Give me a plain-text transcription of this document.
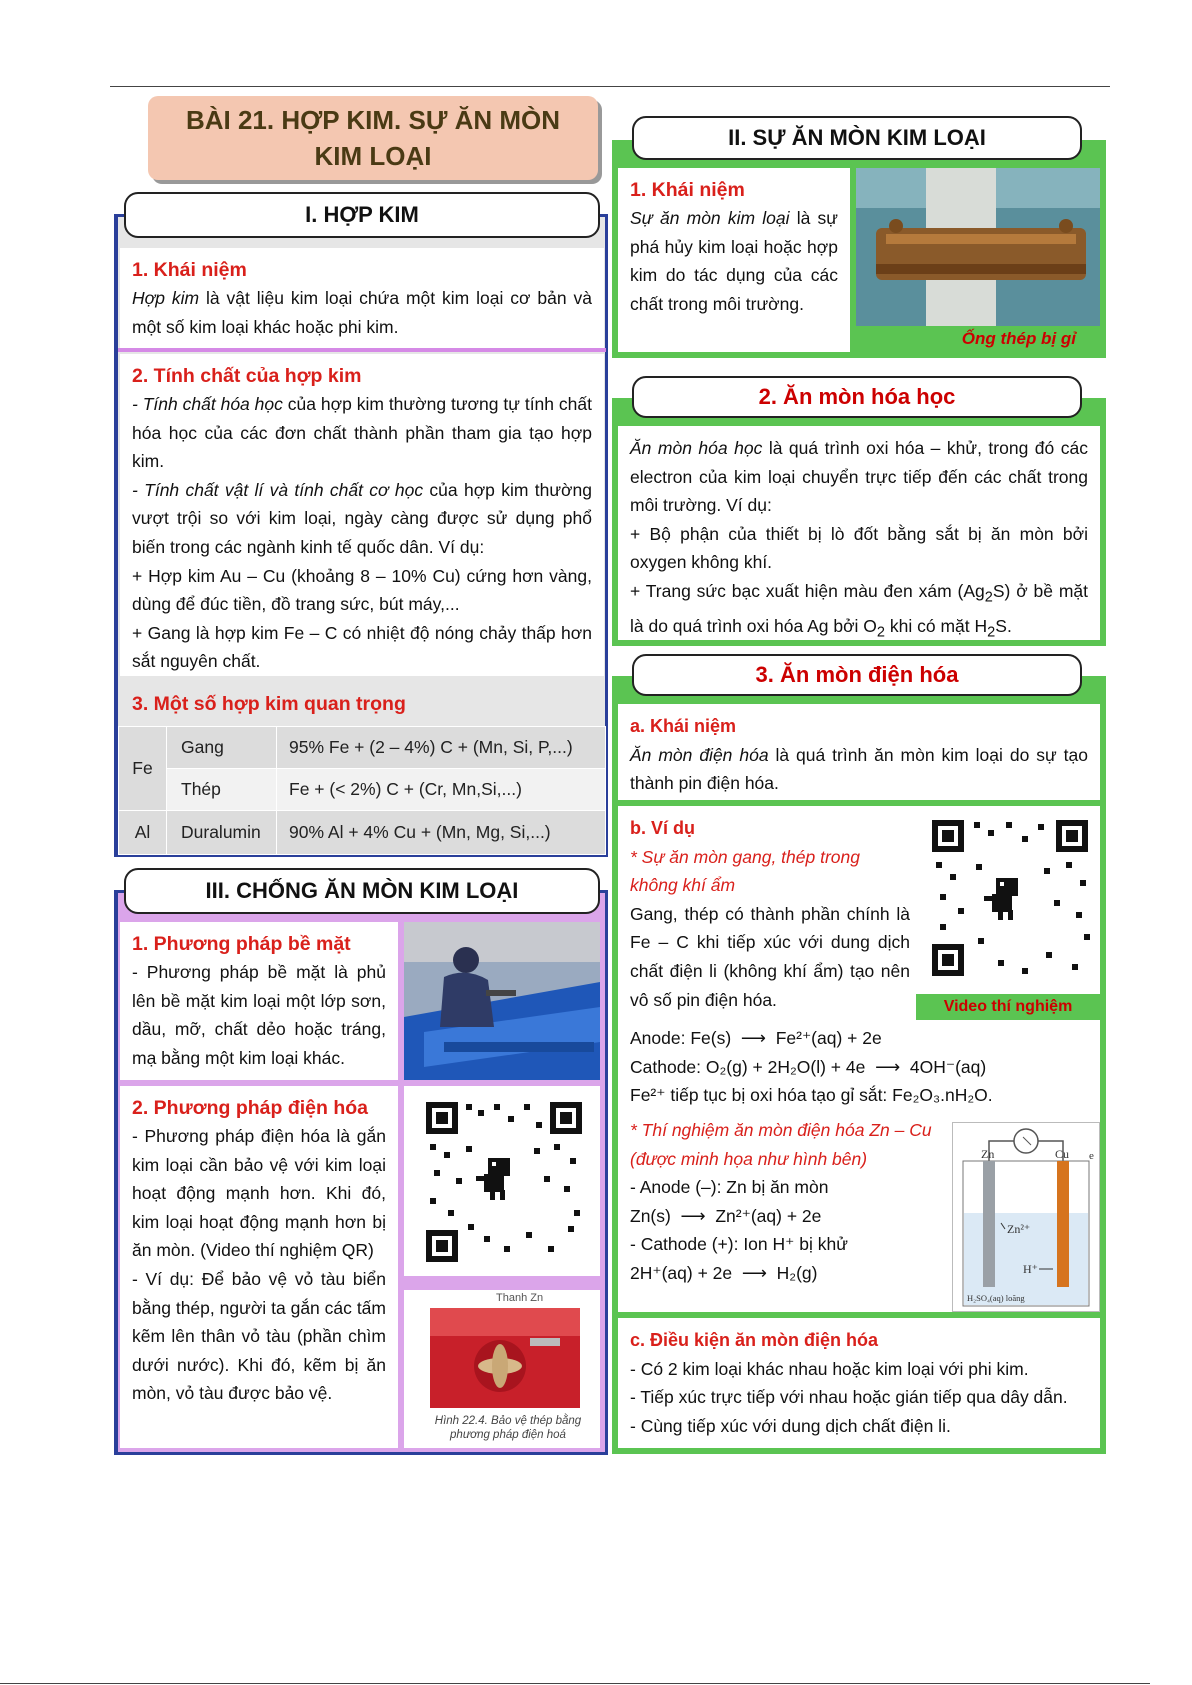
BÀI 21. HỢP KIM. SỰ ĂN MÒN
KIM LOẠI
I. HỢP KIM
1. Khái niệm
Hợp kim là vật liệu kim loại chứa một kim loại cơ bản và một số kim loại khác hoặc phi kim.
2. Tính chất của hợp kim
- Tính chất hóa học của hợp kim thường tương tự tính chất hóa học của các đơn chất thành phần tham gia tạo hợp kim.
- Tính chất vật lí và tính chất cơ học của hợp kim thường vượt trội so với kim loại, ngày càng được sử dụng phổ biến trong các ngành kinh tế quốc dân. Ví dụ:
+ Hợp kim Au – Cu (khoảng 8 – 10% Cu) cứng hơn vàng, dùng để đúc tiền, đồ trang sức, bút máy,...
+ Gang là hợp kim Fe – C có nhiệt độ nóng chảy thấp hơn sắt nguyên chất.
3. Một số hợp kim quan trọng
Fe	Gang	95% Fe + (2 – 4%) C + (Mn, Si, P,...)
	Thép	Fe + (< 2%) C + (Cr, Mn,Si,...)
Al	Duralumin	90% Al + 4% Cu + (Mn, Mg, Si,...)
III. CHỐNG ĂN MÒN KIM LOẠI
1. Phương pháp bề mặt
- Phương pháp bề mặt là phủ lên bề mặt kim loại một lớp sơn, dầu, mỡ, chất dẻo hoặc tráng, mạ bằng một kim loại khác.
2. Phương pháp điện hóa
- Phương pháp điện hóa là gắn kim loại cần bảo vệ với kim loại hoạt động mạnh hơn. Khi đó, kim loại hoạt động mạnh hơn bị ăn mòn. (Video thí nghiệm QR)
- Ví dụ: Để bảo vệ vỏ tàu biển bằng thép, người ta gắn các tấm kẽm lên thân vỏ tàu (phần chìm dưới nước). Khi đó, kẽm bị ăn mòn, vỏ tàu được bảo vệ.
Thanh Zn
Hình 22.4. Bảo vệ thép bằng phương pháp điện hoá
II. SỰ ĂN MÒN KIM LOẠI
1. Khái niệm
Sự ăn mòn kim loại là sự phá hủy kim loại hoặc hợp kim do tác dụng của các chất trong môi trường.
Ống thép bị gỉ
2. Ăn mòn hóa học
Ăn mòn hóa học là quá trình oxi hóa – khử, trong đó các electron của kim loại chuyển trực tiếp đến các chất trong môi trường. Ví dụ:
+ Bộ phận của thiết bị lò đốt bằng sắt bị ăn mòn bởi oxygen không khí.
+ Trang sức bạc xuất hiện màu đen xám $(Ag_2S)$ ở bề mặt là do quá trình oxi hóa Ag bởi $O_2$ khi có mặt $H_2S$.
3. Ăn mòn điện hóa
a. Khái niệm
Ăn mòn điện hóa là quá trình ăn mòn kim loại do sự tạo thành pin điện hóa.
b. Ví dụ
* Sự ăn mòn gang, thép trong không khí ẩm
Gang, thép có thành phần chính là Fe – C khi tiếp xúc với dung dịch chất điện li (không khí ẩm) tạo nên vô số pin điện hóa.
Anode: Fe(s)  ⟶  Fe²⁺(aq) + 2e
Cathode: O₂(g) + 2H₂O(l) + 4e  ⟶  4OH⁻(aq)
Fe²⁺ tiếp tục bị oxi hóa tạo gỉ sắt: Fe₂O₃.nH₂O.
* Thí nghiệm ăn mòn điện hóa Zn – Cu (được minh họa như hình bên)
- Anode (–): Zn bị ăn mòn
Zn(s)  ⟶  Zn²⁺(aq) + 2e
- Cathode (+): Ion H⁺ bị khử
2H⁺(aq) + 2e  ⟶  H₂(g)
Video thí nghiệm
Zn	Cu
Zn²⁺
H⁺
e
H₂SO₄(aq) loãng
c. Điều kiện ăn mòn điện hóa
- Có 2 kim loại khác nhau hoặc kim loại với phi kim.
- Tiếp xúc trực tiếp với nhau hoặc gián tiếp qua dây dẫn.
- Cùng tiếp xúc với dung dịch chất điện li.
